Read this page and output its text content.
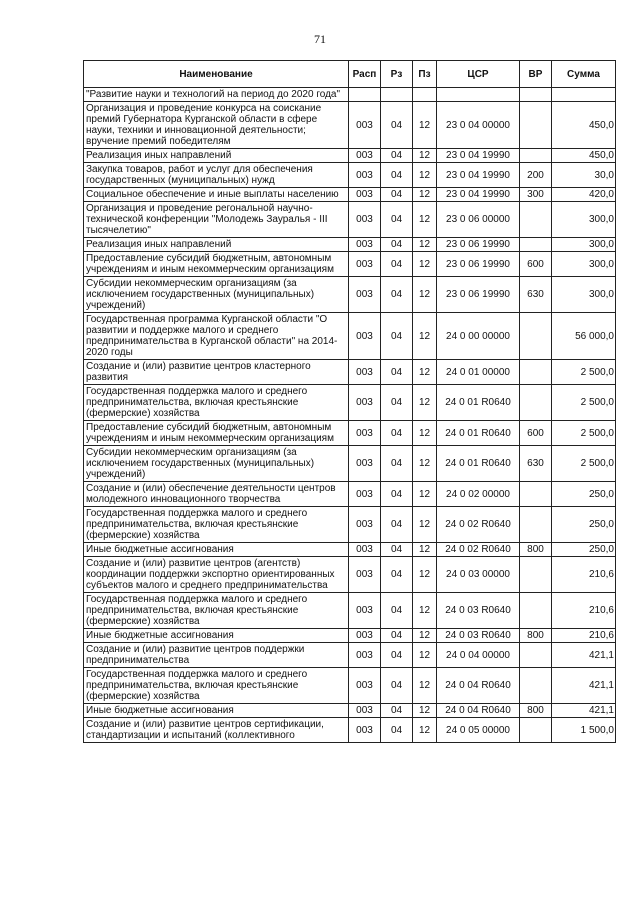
71
Наименование	Расп	Рз	Пз	ЦСР	ВР	Сумма
"Развитие науки и технологий на период до 2020 года"						
Организация и проведение конкурса на соискание премий Губернатора Курганской области в сфере науки, техники и инновационной деятельности; вручение премий победителям	003	04	12	23 0 04 00000		450,0
Реализация иных направлений	003	04	12	23 0 04 19990		450,0
Закупка товаров, работ и услуг для обеспечения государственных (муниципальных) нужд	003	04	12	23 0 04 19990	200	30,0
Социальное обеспечение и иные выплаты населению	003	04	12	23 0 04 19990	300	420,0
Организация и проведение регональной научно-технической конференции "Молодежь Зауралья - III тысячелетию"	003	04	12	23 0 06 00000		300,0
Реализация иных направлений	003	04	12	23 0 06 19990		300,0
Предоставление субсидий бюджетным, автономным учреждениям и иным некоммерческим организациям	003	04	12	23 0 06 19990	600	300,0
Субсидии некоммерческим организациям (за исключением государственных (муниципальных) учреждений)	003	04	12	23 0 06 19990	630	300,0
Государственная программа Курганской области "О развитии и поддержке малого и среднего предпринимательства в Курганской области" на 2014-2020 годы	003	04	12	24 0 00 00000		56 000,0
Создание и (или) развитие центров кластерного развития	003	04	12	24 0 01 00000		2 500,0
Государственная поддержка малого и среднего предпринимательства, включая крестьянские (фермерские) хозяйства	003	04	12	24 0 01 R0640		2 500,0
Предоставление субсидий бюджетным, автономным учреждениям и иным некоммерческим организациям	003	04	12	24 0 01 R0640	600	2 500,0
Субсидии некоммерческим организациям (за исключением государственных (муниципальных) учреждений)	003	04	12	24 0 01 R0640	630	2 500,0
Создание и (или) обеспечение деятельности центров молодежного инновационного творчества	003	04	12	24 0 02 00000		250,0
Государственная поддержка малого и среднего предпринимательства, включая крестьянские (фермерские) хозяйства	003	04	12	24 0 02 R0640		250,0
Иные бюджетные ассигнования	003	04	12	24 0 02 R0640	800	250,0
Создание и (или) развитие центров (агентств) координации поддержки экспортно ориентированных субъектов малого и среднего предпринимательства	003	04	12	24 0 03 00000		210,6
Государственная поддержка малого и среднего предпринимательства, включая крестьянские (фермерские) хозяйства	003	04	12	24 0 03 R0640		210,6
Иные бюджетные ассигнования	003	04	12	24 0 03 R0640	800	210,6
Создание и (или) развитие центров поддержки предпринимательства	003	04	12	24 0 04 00000		421,1
Государственная поддержка малого и среднего предпринимательства, включая крестьянские (фермерские) хозяйства	003	04	12	24 0 04 R0640		421,1
Иные бюджетные ассигнования	003	04	12	24 0 04 R0640	800	421,1
Создание и (или) развитие центров сертификации, стандартизации и испытаний (коллективного	003	04	12	24 0 05 00000		1 500,0
